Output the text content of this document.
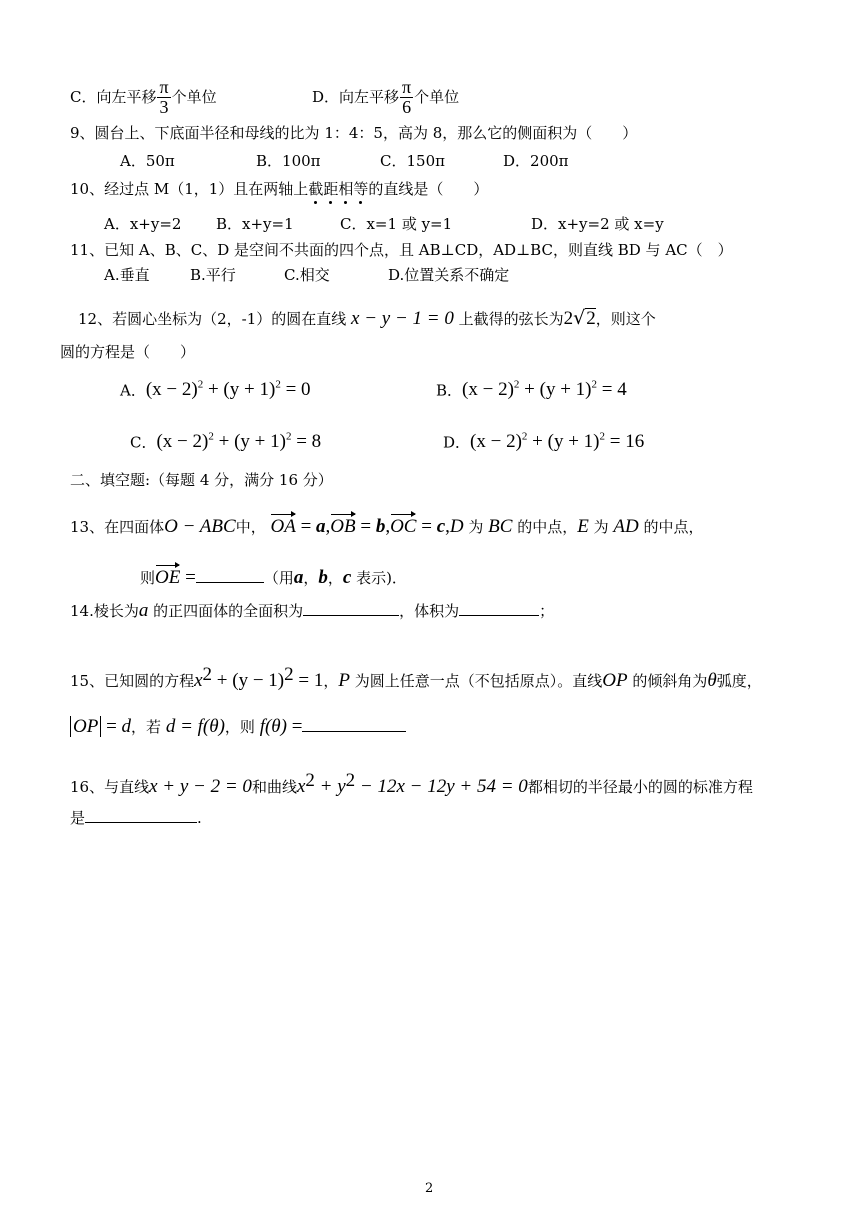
C．向左平移 $\frac{\pi}{3}$ 个单位	D．向左平移 $\frac{\pi}{6}$ 个单位
9、圆台上、下底面半径和母线的比为 1：4：5，高为 8，那么它的侧面积为（　　）
A．50π	B．100π	C．150π	D．200π
10、经过点 M（1，1）且在两轴上截距相等的直线是（　　）
A．x+y=2 B．x+y=1	C．x=1 或 y=1	D．x+y=2 或 x=y
11、已知 A、B、C、D 是空间不共面的四个点，且 AB⊥CD，AD⊥BC，则直线 BD 与 AC（　）
A.垂直	B.平行	C.相交	D.位置关系不确定
12、若圆心坐标为（2，-1）的圆在直线 x − y − 1 = 0 上截得的弦长为2√2，则这个
圆的方程是（　　）
A．$(x - 2)^2 + (y + 1)^2 = 0$	B．$(x - 2)^2 + (y + 1)^2 = 4$
C．$(x - 2)^2 + (y + 1)^2 = 8$	D．$(x - 2)^2 + (y + 1)^2 = 16$
二、填空题:（每题 4 分，满分 16 分）
13、在四面体O − ABC中， OA = a,OB = b,OC = c,D 为 BC 的中点，E 为 AD 的中点，
则OE =	（用a，b，c 表示)．
14.棱长为a 的正四面体的全面积为	，体积为	；
15、已知圆的方程$x^2 + (y - 1)^2 = 1$，P 为圆上任意一点（不包括原点）。直线OP 的倾斜角为θ弧度，
OP = d，若 d = f(θ)，则 f(θ) =
16、与直线x + y − 2 = 0和曲线$x^2 + y^2 - 12x - 12y + 54 = 0$都相切的半径最小的圆的标准方程
是	.
2
